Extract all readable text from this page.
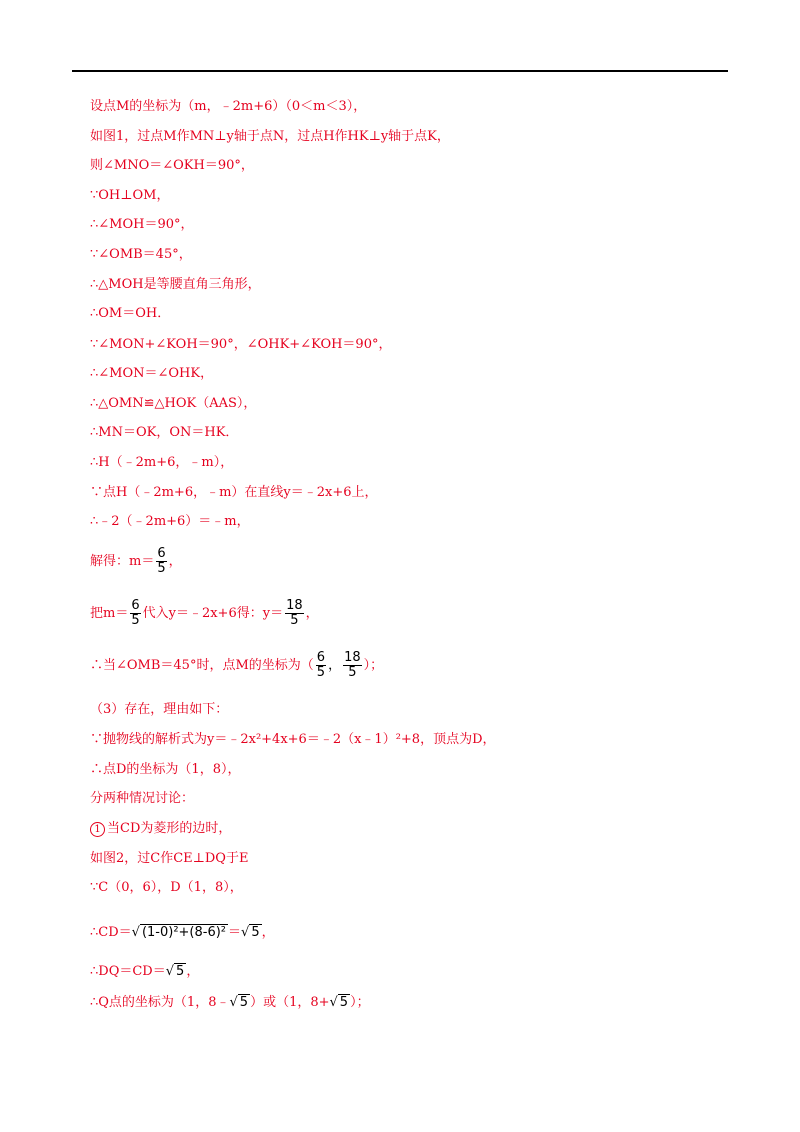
设点M的坐标为（m，﹣2m+6）（0＜m＜3），
如图1，过点M作MN⊥y轴于点N，过点H作HK⊥y轴于点K，
则∠MNO＝∠OKH＝90°，
∵OH⊥OM，
∴∠MOH＝90°，
∵∠OMB＝45°，
∴△MOH是等腰直角三角形，
∴OM＝OH．
∵∠MON+∠KOH＝90°，∠OHK+∠KOH＝90°，
∴∠MON＝∠OHK，
∴△OMN≌△HOK（AAS），
∴MN＝OK，ON＝HK．
∴H（﹣2m+6，﹣m），
∵点H（﹣2m+6，﹣m）在直线y＝﹣2x+6上，
∴﹣2（﹣2m+6）＝﹣m，
解得：$m= \frac{6}{5}$ ，
把$m= \frac{6}{5}$ 代入y＝﹣2x+6得：$y= \frac{18}{5}$ ，
∴当∠OMB＝45°时，点M的坐标为（ $\frac{6}{5}$ ， $\frac{18}{5}$ ）；
（3）存在，理由如下：
∵抛物线的解析式为y＝﹣2x²+4x+6＝﹣2（x﹣1）²+8，顶点为D，
∴点D的坐标为（1，8），
分两种情况讨论：
1 当CD为菱形的边时，
如图2，过C作CE⊥DQ于E
∵C（0，6），D（1，8），
∴CD＝√ (1-0)²+(8-6)² ＝√ 5 ，
∴DQ＝CD＝√ 5 ，
∴Q点的坐标为（1，8﹣√ 5 ）或（1，8+√ 5 ）；
